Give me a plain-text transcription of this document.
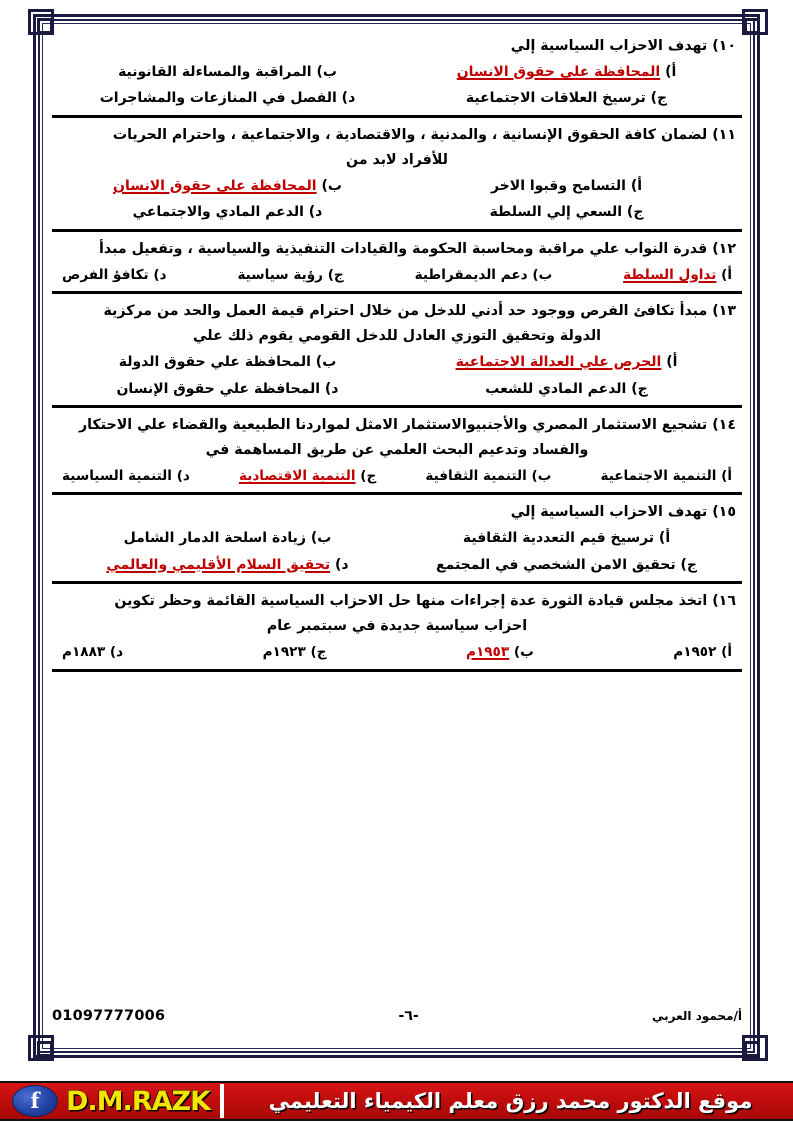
١٠) تهدف الاحزاب السياسية إلي
أ) المحافظة على حقوق الانسان
ب) المراقبة والمساءلة القانونية
ج) ترسيخ العلاقات الاجتماعية
د) الفصل في المنازعات والمشاجرات
١١) لضمان كافة الحقوق الإنسانية ، والمدنية ، والاقتصادية ، والاجتماعية ، واحترام الحريات
للأفراد لابد من
أ) التسامح وقبوا الاخر
ب) المحافظة على حقوق الانسان
ج) السعي إلي السلطة
د) الدعم المادي والاجتماعي
١٢) قدرة النواب علي مراقبة ومحاسبة الحكومة والقيادات التنفيذية والسياسية ، وتفعيل مبدأ
أ) تداول السلطة
ب) دعم الديمقراطية
ج) رؤية سياسية
د) تكافؤ الفرص
١٣) مبدأ تكافئ الفرص ووجود حد أدني للدخل من خلال احترام قيمة العمل والحد من مركزية
الدولة وتحقيق التوزي العادل للدخل القومي يقوم ذلك علي
أ) الحرص علي العدالة الاجتماعية
ب) المحافظة علي حقوق الدولة
ج) الدعم المادي للشعب
د) المحافظة علي حقوق الإنسان
١٤) تشجيع الاستثمار المصري والأجنبيوالاستثمار الامثل لمواردنا الطبيعية والقضاء علي الاحتكار
والفساد وتدعيم البحث العلمي عن طريق المساهمة في
أ) التنمية الاجتماعية
ب) التنمية الثقافية
ج) التنمية الاقتصادية
د) التنمية السياسية
١٥) تهدف الاحزاب السياسية إلي
أ) ترسيخ قيم التعددية الثقافية
ب) زيادة اسلحة الدمار الشامل
ج) تحقيق الامن الشخصي في المجتمع
د) تحقيق السلام الأقليمي والعالمي
١٦) اتخذ مجلس قيادة الثورة عدة إجراءات منها حل الاحزاب السياسية القائمة وحظر تكوين
احزاب سياسية جديدة في سبتمبر عام
أ) ١٩٥٢م
ب) ١٩٥٣م
ج) ١٩٢٣م
د) ١٨٨٣م
أ/محمود العربي
-٦-
01097777006
f D.M.RAZK	موقع الدكتور محمد رزق معلم الكيمياء التعليمي
